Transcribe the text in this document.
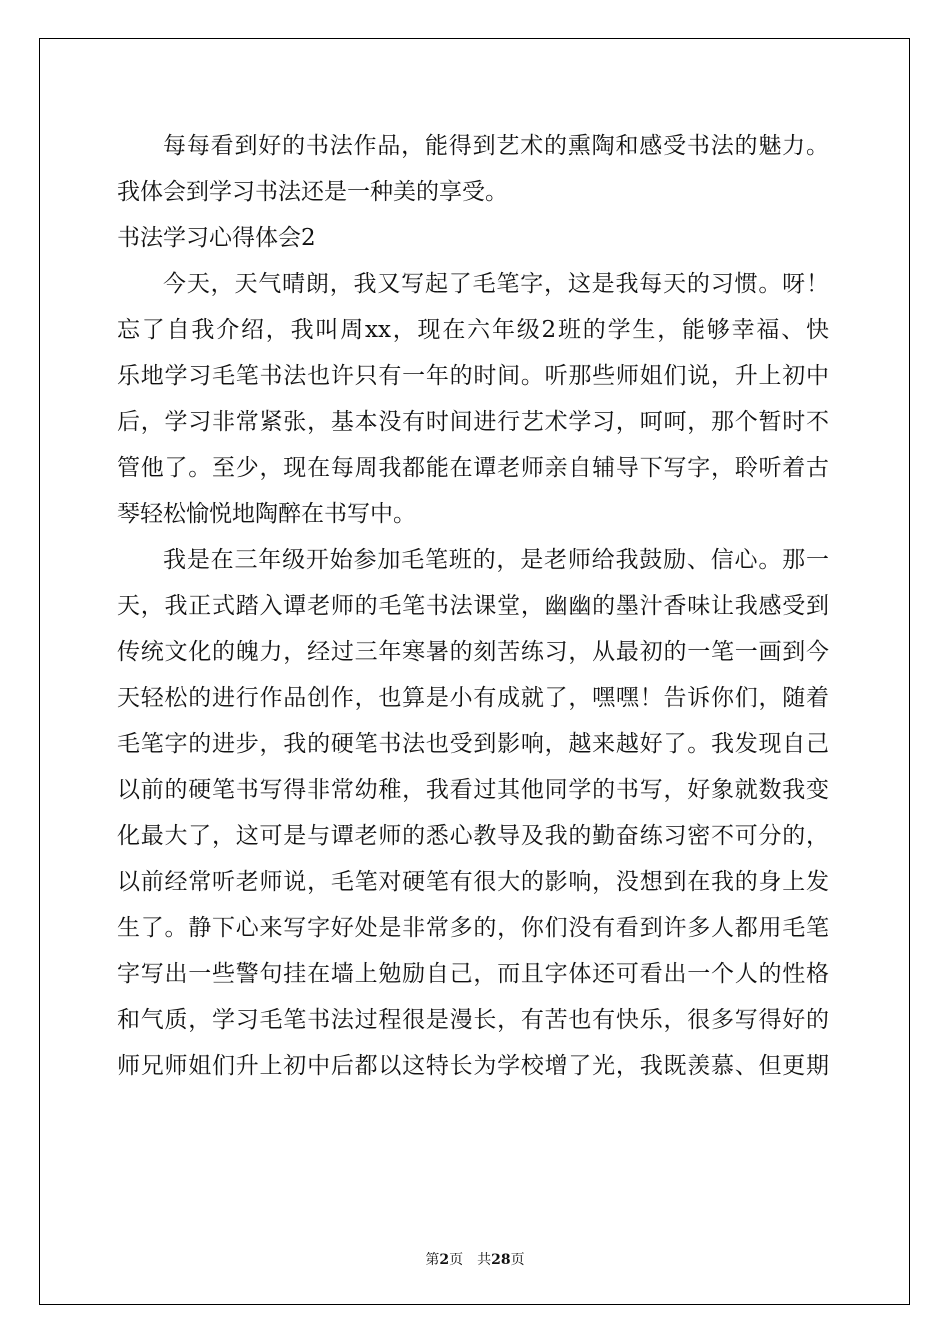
每每看到好的书法作品，能得到艺术的熏陶和感受书法的魅力。
我体会到学习书法还是一种美的享受。
书法学习心得体会2
今天，天气晴朗，我又写起了毛笔字，这是我每天的习惯。呀！
忘了自我介绍，我叫周xx，现在六年级2班的学生，能够幸福、快
乐地学习毛笔书法也许只有一年的时间。听那些师姐们说，升上初中
后，学习非常紧张，基本没有时间进行艺术学习，呵呵，那个暂时不
管他了。至少，现在每周我都能在谭老师亲自辅导下写字，聆听着古
琴轻松愉悦地陶醉在书写中。
我是在三年级开始参加毛笔班的，是老师给我鼓励、信心。那一
天，我正式踏入谭老师的毛笔书法课堂，幽幽的墨汁香味让我感受到
传统文化的魄力，经过三年寒暑的刻苦练习，从最初的一笔一画到今
天轻松的进行作品创作，也算是小有成就了，嘿嘿！告诉你们，随着
毛笔字的进步，我的硬笔书法也受到影响，越来越好了。我发现自己
以前的硬笔书写得非常幼稚，我看过其他同学的书写，好象就数我变
化最大了，这可是与谭老师的悉心教导及我的勤奋练习密不可分的，
以前经常听老师说，毛笔对硬笔有很大的影响，没想到在我的身上发
生了。静下心来写字好处是非常多的，你们没有看到许多人都用毛笔
字写出一些警句挂在墙上勉励自己，而且字体还可看出一个人的性格
和气质，学习毛笔书法过程很是漫长，有苦也有快乐，很多写得好的
师兄师姐们升上初中后都以这特长为学校增了光，我既羡慕、但更期
第2页　共28页
